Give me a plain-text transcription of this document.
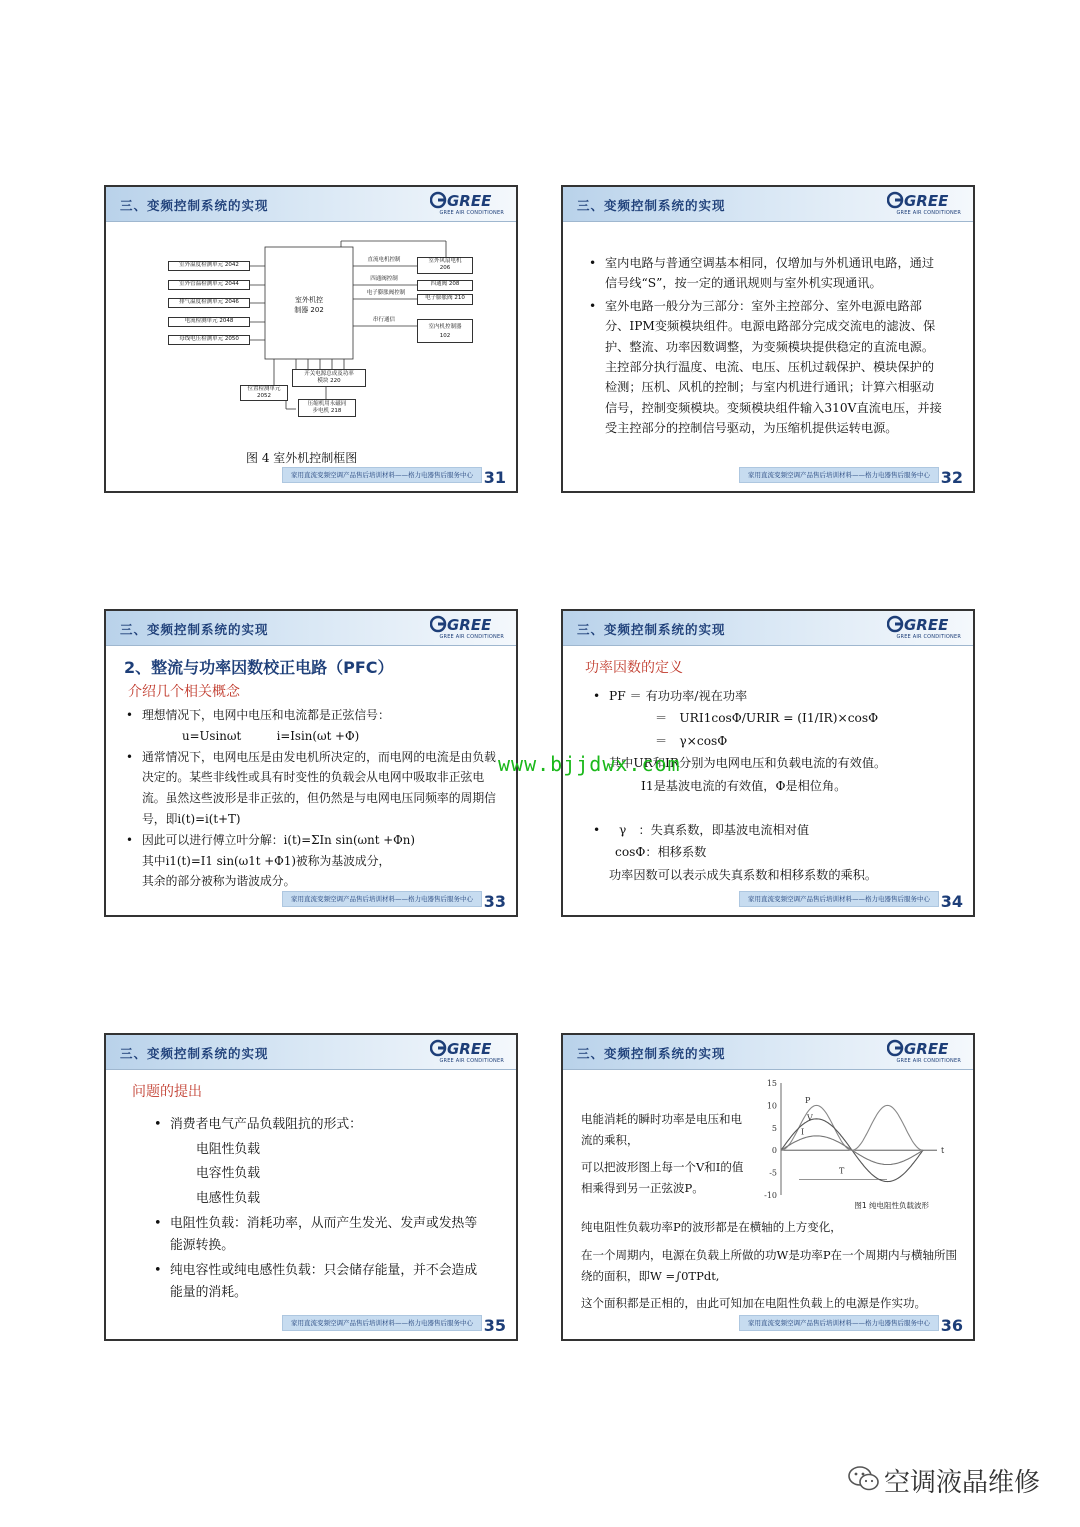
三、变频控制系统的实现	GREE
GREE AIR CONDITIONER
室外温度检测单元 2042
室外管温检测单元 2044
排气温度检测单元 2046
电流检测单元 2048
母线电压检测单元 2050
室外机控
制器 202
直流电机控制
四通阀控制
电子膨胀阀控制
串行通信
室外风扇电机
206
四通阀 208
电子膨胀阀 210
室内机控制器
102
开关电源总成及功率
模块 220
位置检测单元
2052
压缩机用永磁同
步电机 218
图 4 室外机控制框图
家用直流变频空调产品售后培训材料——格力电器售后服务中心 31
三、变频控制系统的实现	GREE
GREE AIR CONDITIONER
• 室内电路与普通空调基本相同，仅增加与外机通讯电路，通过信号线“S”，按一定的通讯规则与室外机实现通讯。
• 室外电路一般分为三部分：室外主控部分、室外电源电路部分、IPM变频模块组件。电源电路部分完成交流电的滤波、保护、整流、功率因数调整，为变频模块提供稳定的直流电源。主控部分执行温度、电流、电压、压机过载保护、模块保护的检测；压机、风机的控制；与室内机进行通讯；计算六相驱动信号，控制变频模块。变频模块组件输入310V直流电压，并接受主控部分的控制信号驱动，为压缩机提供运转电源。
家用直流变频空调产品售后培训材料——格力电器售后服务中心 32
三、变频控制系统的实现	GREE
GREE AIR CONDITIONER
2、整流与功率因数校正电路（PFC）
介绍几个相关概念
• 理想情况下，电网中电压和电流都是正弦信号：
u=Usinωt　　　i=Isin(ωt +Φ)
• 通常情况下，电网电压是由发电机所决定的，而电网的电流是由负载决定的。某些非线性或具有时变性的负载会从电网中吸取非正弦电流。虽然这些波形是非正弦的，但仍然是与电网电压同频率的周期信号，即i(t)=i(t+T)
• 因此可以进行傅立叶分解：i(t)=ΣIn sin(ωnt +Φn)
其中i1(t)=I1 sin(ω1t +Φ1)被称为基波成分，
其余的部分被称为谐波成分。
家用直流变频空调产品售后培训材料——格力电器售后服务中心 33
三、变频控制系统的实现	GREE
GREE AIR CONDITIONER
功率因数的定义
• PF ＝ 有功功率/视在功率
＝　URI1cosΦ/URIR = (I1/IR)×cosΦ
＝　γ×cosΦ
其中UR和IR分别为电网电压和负载电流的有效值。
I1是基波电流的有效值，Φ是相位角。
• γ　：失真系数，即基波电流相对值
cosΦ：相移系数
功率因数可以表示成失真系数和相移系数的乘积。
家用直流变频空调产品售后培训材料——格力电器售后服务中心 34
三、变频控制系统的实现	GREE
GREE AIR CONDITIONER
问题的提出
• 消费者电气产品负载阻抗的形式：
电阻性负载
电容性负载
电感性负载
• 电阻性负载：消耗功率，从而产生发光、发声或发热等能源转换。
• 纯电容性或纯电感性负载：只会储存能量，并不会造成能量的消耗。
家用直流变频空调产品售后培训材料——格力电器售后服务中心 35
三、变频控制系统的实现	GREE
GREE AIR CONDITIONER
电能消耗的瞬时功率是电压和电流的乘积，
可以把波形图上每一个V和I的值相乘得到另一正弦波P。
15
10
5
0
-5
-10
t
P
V
I
T
图1 纯电阻性负载波形
纯电阻性负载功率P的波形都是在横轴的上方变化，
在一个周期内，电源在负载上所做的功W是功率P在一个周期内与横轴所围绕的面积，即W =∫0TPdt,
这个面积都是正相的，由此可知加在电阻性负载上的电源是作实功。
家用直流变频空调产品售后培训材料——格力电器售后服务中心 36
www.bjjdwx.com
空调液晶维修
